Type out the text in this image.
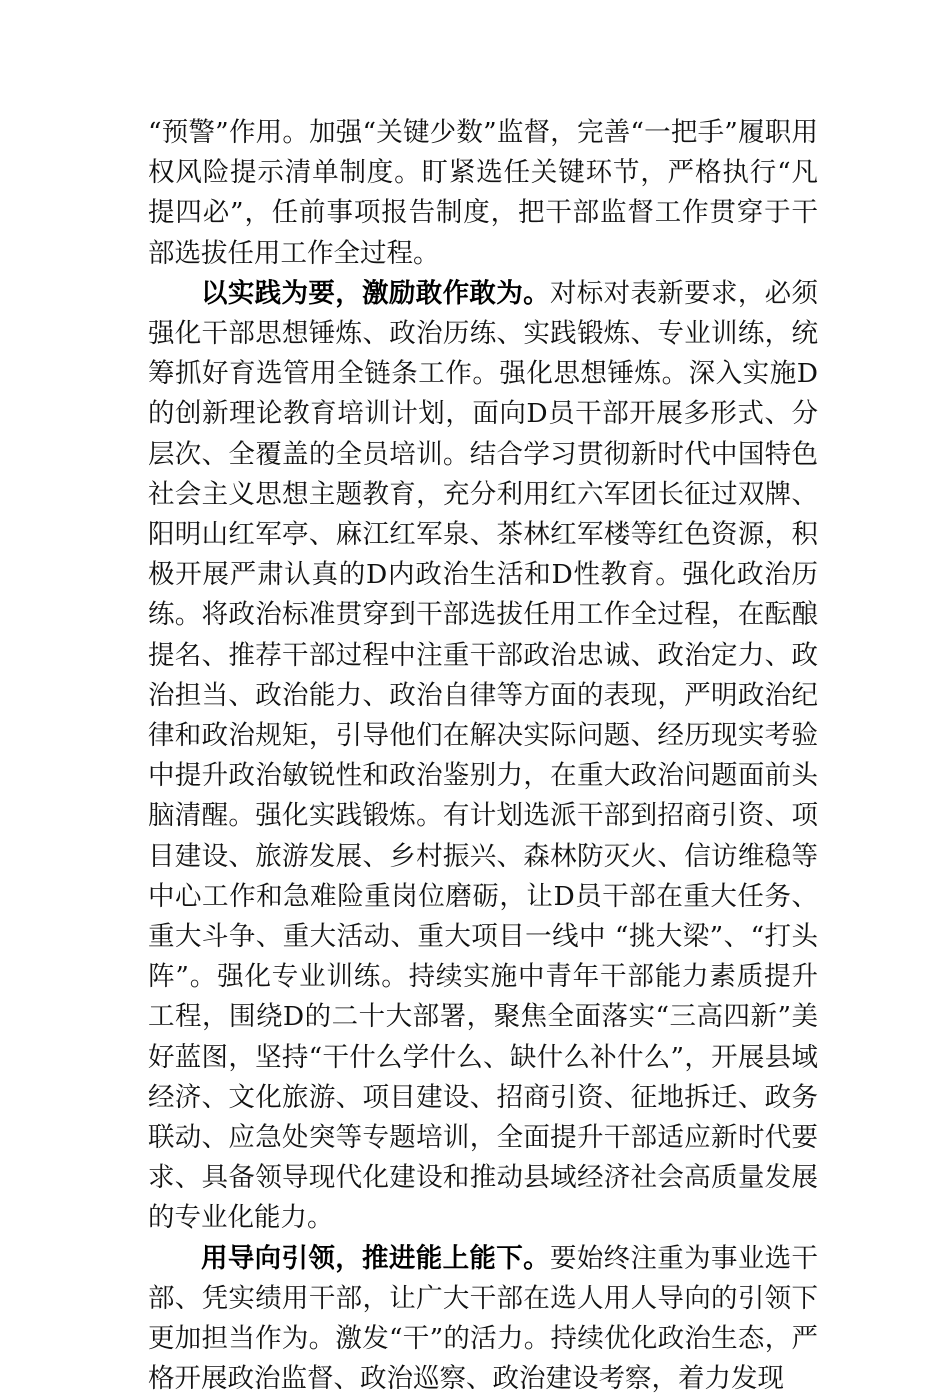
“预警”作用。加强“关键少数”监督，完善“一把手”履职用权风险提示清单制度。盯紧选任关键环节，严格执行“凡提四必”，任前事项报告制度，把干部监督工作贯穿于干部选拔任用工作全过程。

以实践为要，激励敢作敢为。对标对表新要求，必须强化干部思想锤炼、政治历练、实践锻炼、专业训练，统筹抓好育选管用全链条工作。强化思想锤炼。深入实施D的创新理论教育培训计划，面向D员干部开展多形式、分层次、全覆盖的全员培训。结合学习贯彻新时代中国特色社会主义思想主题教育，充分利用红六军团长征过双牌、阳明山红军亭、麻江红军泉、茶林红军楼等红色资源，积极开展严肃认真的D内政治生活和D性教育。强化政治历练。将政治标准贯穿到干部选拔任用工作全过程，在酝酿提名、推荐干部过程中注重干部政治忠诚、政治定力、政治担当、政治能力、政治自律等方面的表现，严明政治纪律和政治规矩，引导他们在解决实际问题、经历现实考验中提升政治敏锐性和政治鉴别力，在重大政治问题面前头脑清醒。强化实践锻炼。有计划选派干部到招商引资、项目建设、旅游发展、乡村振兴、森林防灭火、信访维稳等中心工作和急难险重岗位磨砺，让D员干部在重大任务、重大斗争、重大活动、重大项目一线中 “挑大梁”、“打头阵”。强化专业训练。持续实施中青年干部能力素质提升工程，围绕D的二十大部署，聚焦全面落实“三高四新”美好蓝图，坚持“干什么学什么、缺什么补什么”，开展县域经济、文化旅游、项目建设、招商引资、征地拆迁、政务联动、应急处突等专题培训，全面提升干部适应新时代要求、具备领导现代化建设和推动县域经济社会高质量发展的专业化能力。

用导向引领，推进能上能下。要始终注重为事业选干部、凭实绩用干部，让广大干部在选人用人导向的引领下更加担当作为。激发“干”的活力。持续优化政治生态，严格开展政治监督、政治巡察、政治建设考察，着力发现
